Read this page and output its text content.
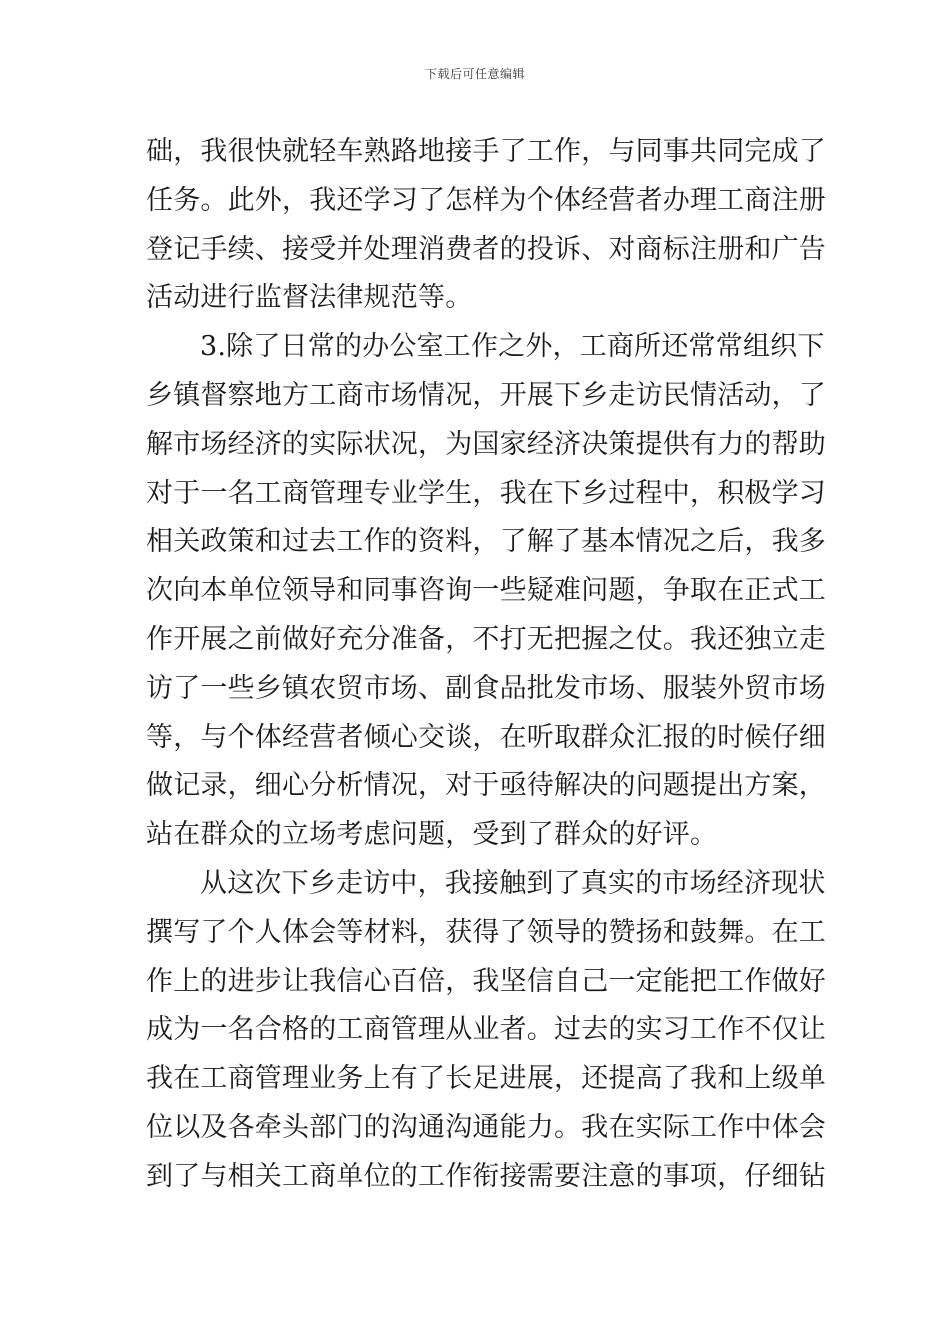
下载后可任意编辑
础，我很快就轻车熟路地接手了工作，与同事共同完成了
任务。此外，我还学习了怎样为个体经营者办理工商注册
登记手续、接受并处理消费者的投诉、对商标注册和广告
活动进行监督法律规范等。
3.除了日常的办公室工作之外，工商所还常常组织下
乡镇督察地方工商市场情况，开展下乡走访民情活动，了
解市场经济的实际状况，为国家经济决策提供有力的帮助
对于一名工商管理专业学生，我在下乡过程中，积极学习
相关政策和过去工作的资料，了解了基本情况之后，我多
次向本单位领导和同事咨询一些疑难问题，争取在正式工
作开展之前做好充分准备，不打无把握之仗。我还独立走
访了一些乡镇农贸市场、副食品批发市场、服装外贸市场
等，与个体经营者倾心交谈，在听取群众汇报的时候仔细
做记录，细心分析情况，对于亟待解决的问题提出方案，
站在群众的立场考虑问题，受到了群众的好评。
从这次下乡走访中，我接触到了真实的市场经济现状
撰写了个人体会等材料，获得了领导的赞扬和鼓舞。在工
作上的进步让我信心百倍，我坚信自己一定能把工作做好
成为一名合格的工商管理从业者。过去的实习工作不仅让
我在工商管理业务上有了长足进展，还提高了我和上级单
位以及各牵头部门的沟通沟通能力。我在实际工作中体会
到了与相关工商单位的工作衔接需要注意的事项，仔细钻
